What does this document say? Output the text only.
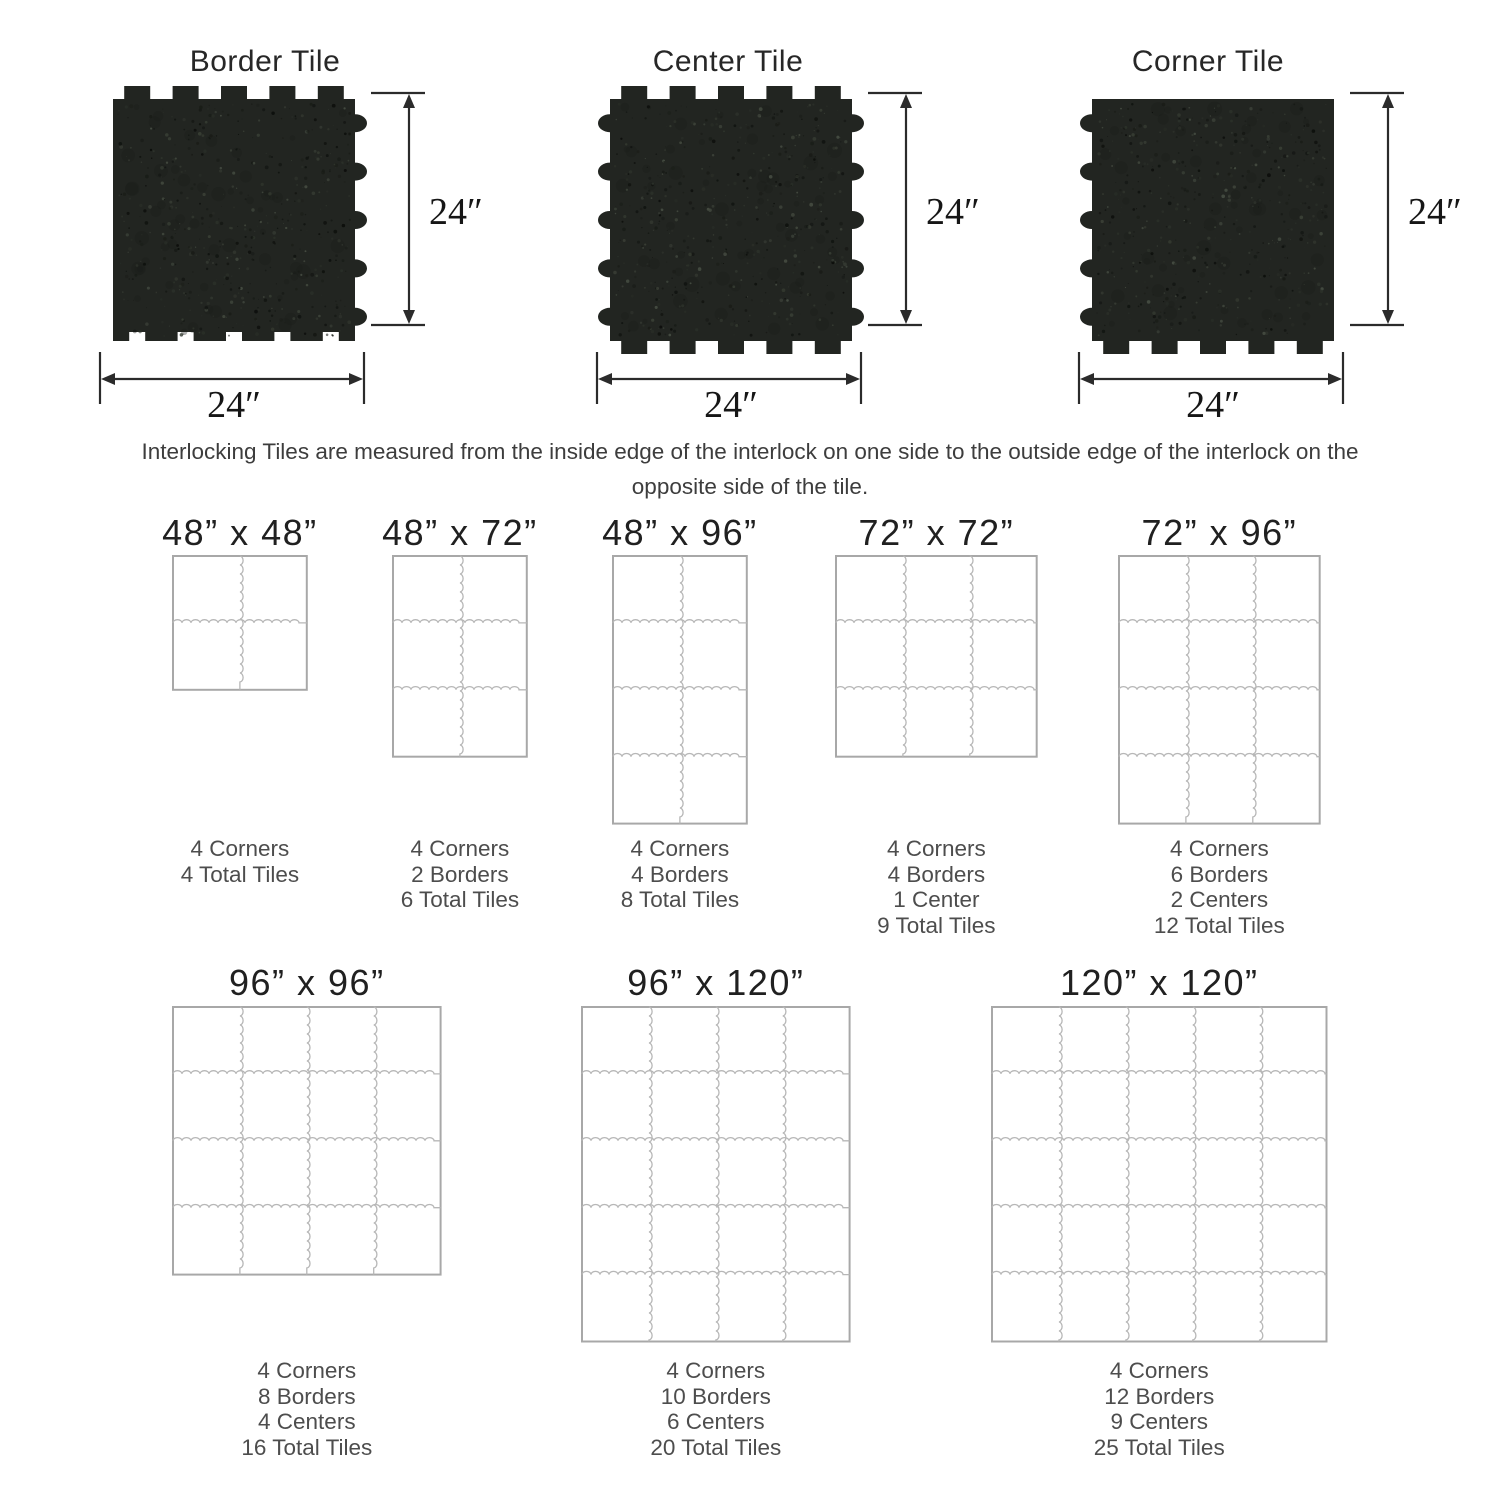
Border Tile
24″
24″
Center Tile
24″
24″
Corner Tile
24″
24″
Interlocking Tiles are measured from the inside edge of the interlock on one side to the outside edge of the interlock on the
opposite side of the tile.
48” x 48”
4 Corners
4 Total Tiles
48” x 72”
4 Corners
2 Borders
6 Total Tiles
48” x 96”
4 Corners
4 Borders
8 Total Tiles
72” x 72”
4 Corners
4 Borders
1 Center
9 Total Tiles
72” x 96”
4 Corners
6 Borders
2 Centers
12 Total Tiles
96” x 96”
4 Corners
8 Borders
4 Centers
16 Total Tiles
96” x 120”
4 Corners
10 Borders
6 Centers
20 Total Tiles
120” x 120”
4 Corners
12 Borders
9 Centers
25 Total Tiles
